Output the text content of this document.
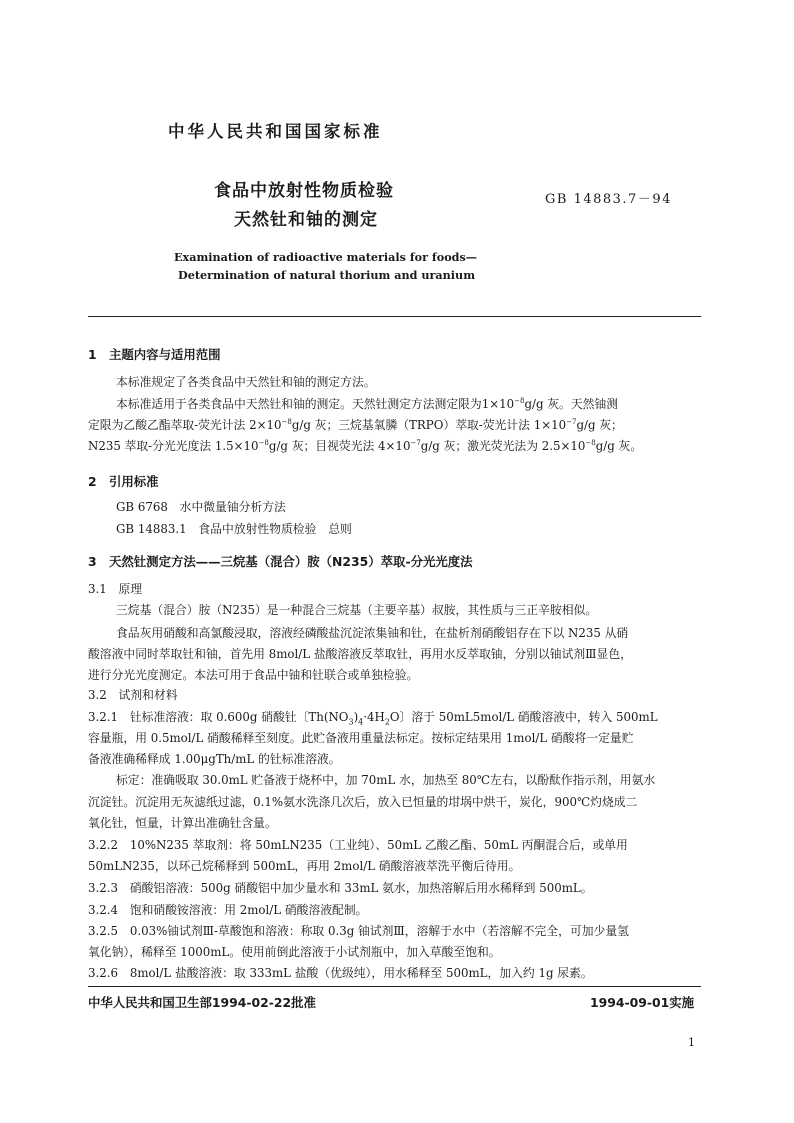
中华人民共和国国家标准
食品中放射性物质检验
天然钍和铀的测定
GB 14883.7－94
Examination of radioactive materials for foods—
Determination of natural thorium and uranium
1　主题内容与适用范围
本标准规定了各类食品中天然钍和铀的测定方法。
本标准适用于各类食品中天然钍和铀的测定。天然钍测定方法测定限为$1\times 10^{-8}g/g$ 灰。天然铀测
定限为乙酸乙酯萃取-荧光计法 $2\times 10^{-8}g/g$ 灰；三烷基氧膦（TRPO）萃取-荧光计法 $1\times 10^{-7}g/g$ 灰；
N235 萃取-分光光度法 $1.5\times 10^{-8}g/g$ 灰；目视荧光法 $4\times 10^{-7}g/g$ 灰；激光荧光法为 $2.5\times 10^{-8}g/g$ 灰。
2　引用标准
GB 6768　水中微量铀分析方法
GB 14883.1　食品中放射性物质检验　总则
3　天然钍测定方法——三烷基（混合）胺（N235）萃取-分光光度法
3.1　原理
三烷基（混合）胺（N235）是一种混合三烷基（主要辛基）叔胺，其性质与三正辛胺相似。
食品灰用硝酸和高氯酸浸取，溶液经磷酸盐沉淀浓集铀和钍，在盐析剂硝酸铝存在下以 N235 从硝
酸溶液中同时萃取钍和铀，首先用 8mol/L 盐酸溶液反萃取钍，再用水反萃取铀，分别以铀试剂Ⅲ显色，
进行分光光度测定。本法可用于食品中铀和钍联合或单独检验。
3.2　试剂和材料
3.2.1　钍标准溶液：取 0.600g 硝酸钍〔$Th(NO_3)_4\cdot 4H_2O$〕溶于 50mL5mol/L 硝酸溶液中，转入 500mL
容量瓶，用 0.5mol/L 硝酸稀释至刻度。此贮备液用重量法标定。按标定结果用 1mol/L 硝酸将一定量贮
备液准确稀释成 1.00μgTh/mL 的钍标准溶液。
标定：准确吸取 30.0mL 贮备液于烧杯中，加 70mL 水，加热至 80℃左右，以酚酞作指示剂，用氨水
沉淀钍。沉淀用无灰滤纸过滤，0.1%氨水洗涤几次后，放入已恒量的坩埚中烘干，炭化，900℃灼烧成二
氧化钍，恒量，计算出准确钍含量。
3.2.2　10%N235 萃取剂：将 50mLN235（工业纯）、50mL 乙酸乙酯、50mL 丙酮混合后，或单用
50mLN235，以环己烷稀释到 500mL，再用 2mol/L 硝酸溶液萃洗平衡后待用。
3.2.3　硝酸铝溶液：500g 硝酸铝中加少量水和 33mL 氨水，加热溶解后用水稀释到 500mL。
3.2.4　饱和硝酸铵溶液：用 2mol/L 硝酸溶液配制。
3.2.5　0.03%铀试剂Ⅲ-草酸饱和溶液：称取 0.3g 铀试剂Ⅲ，溶解于水中（若溶解不完全，可加少量氢
氧化钠），稀释至 1000mL。使用前倒此溶液于小试剂瓶中，加入草酸至饱和。
3.2.6　8mol/L 盐酸溶液：取 333mL 盐酸（优级纯），用水稀释至 500mL，加入约 1g 尿素。
中华人民共和国卫生部1994-02-22批准	1994-09-01实施
1
